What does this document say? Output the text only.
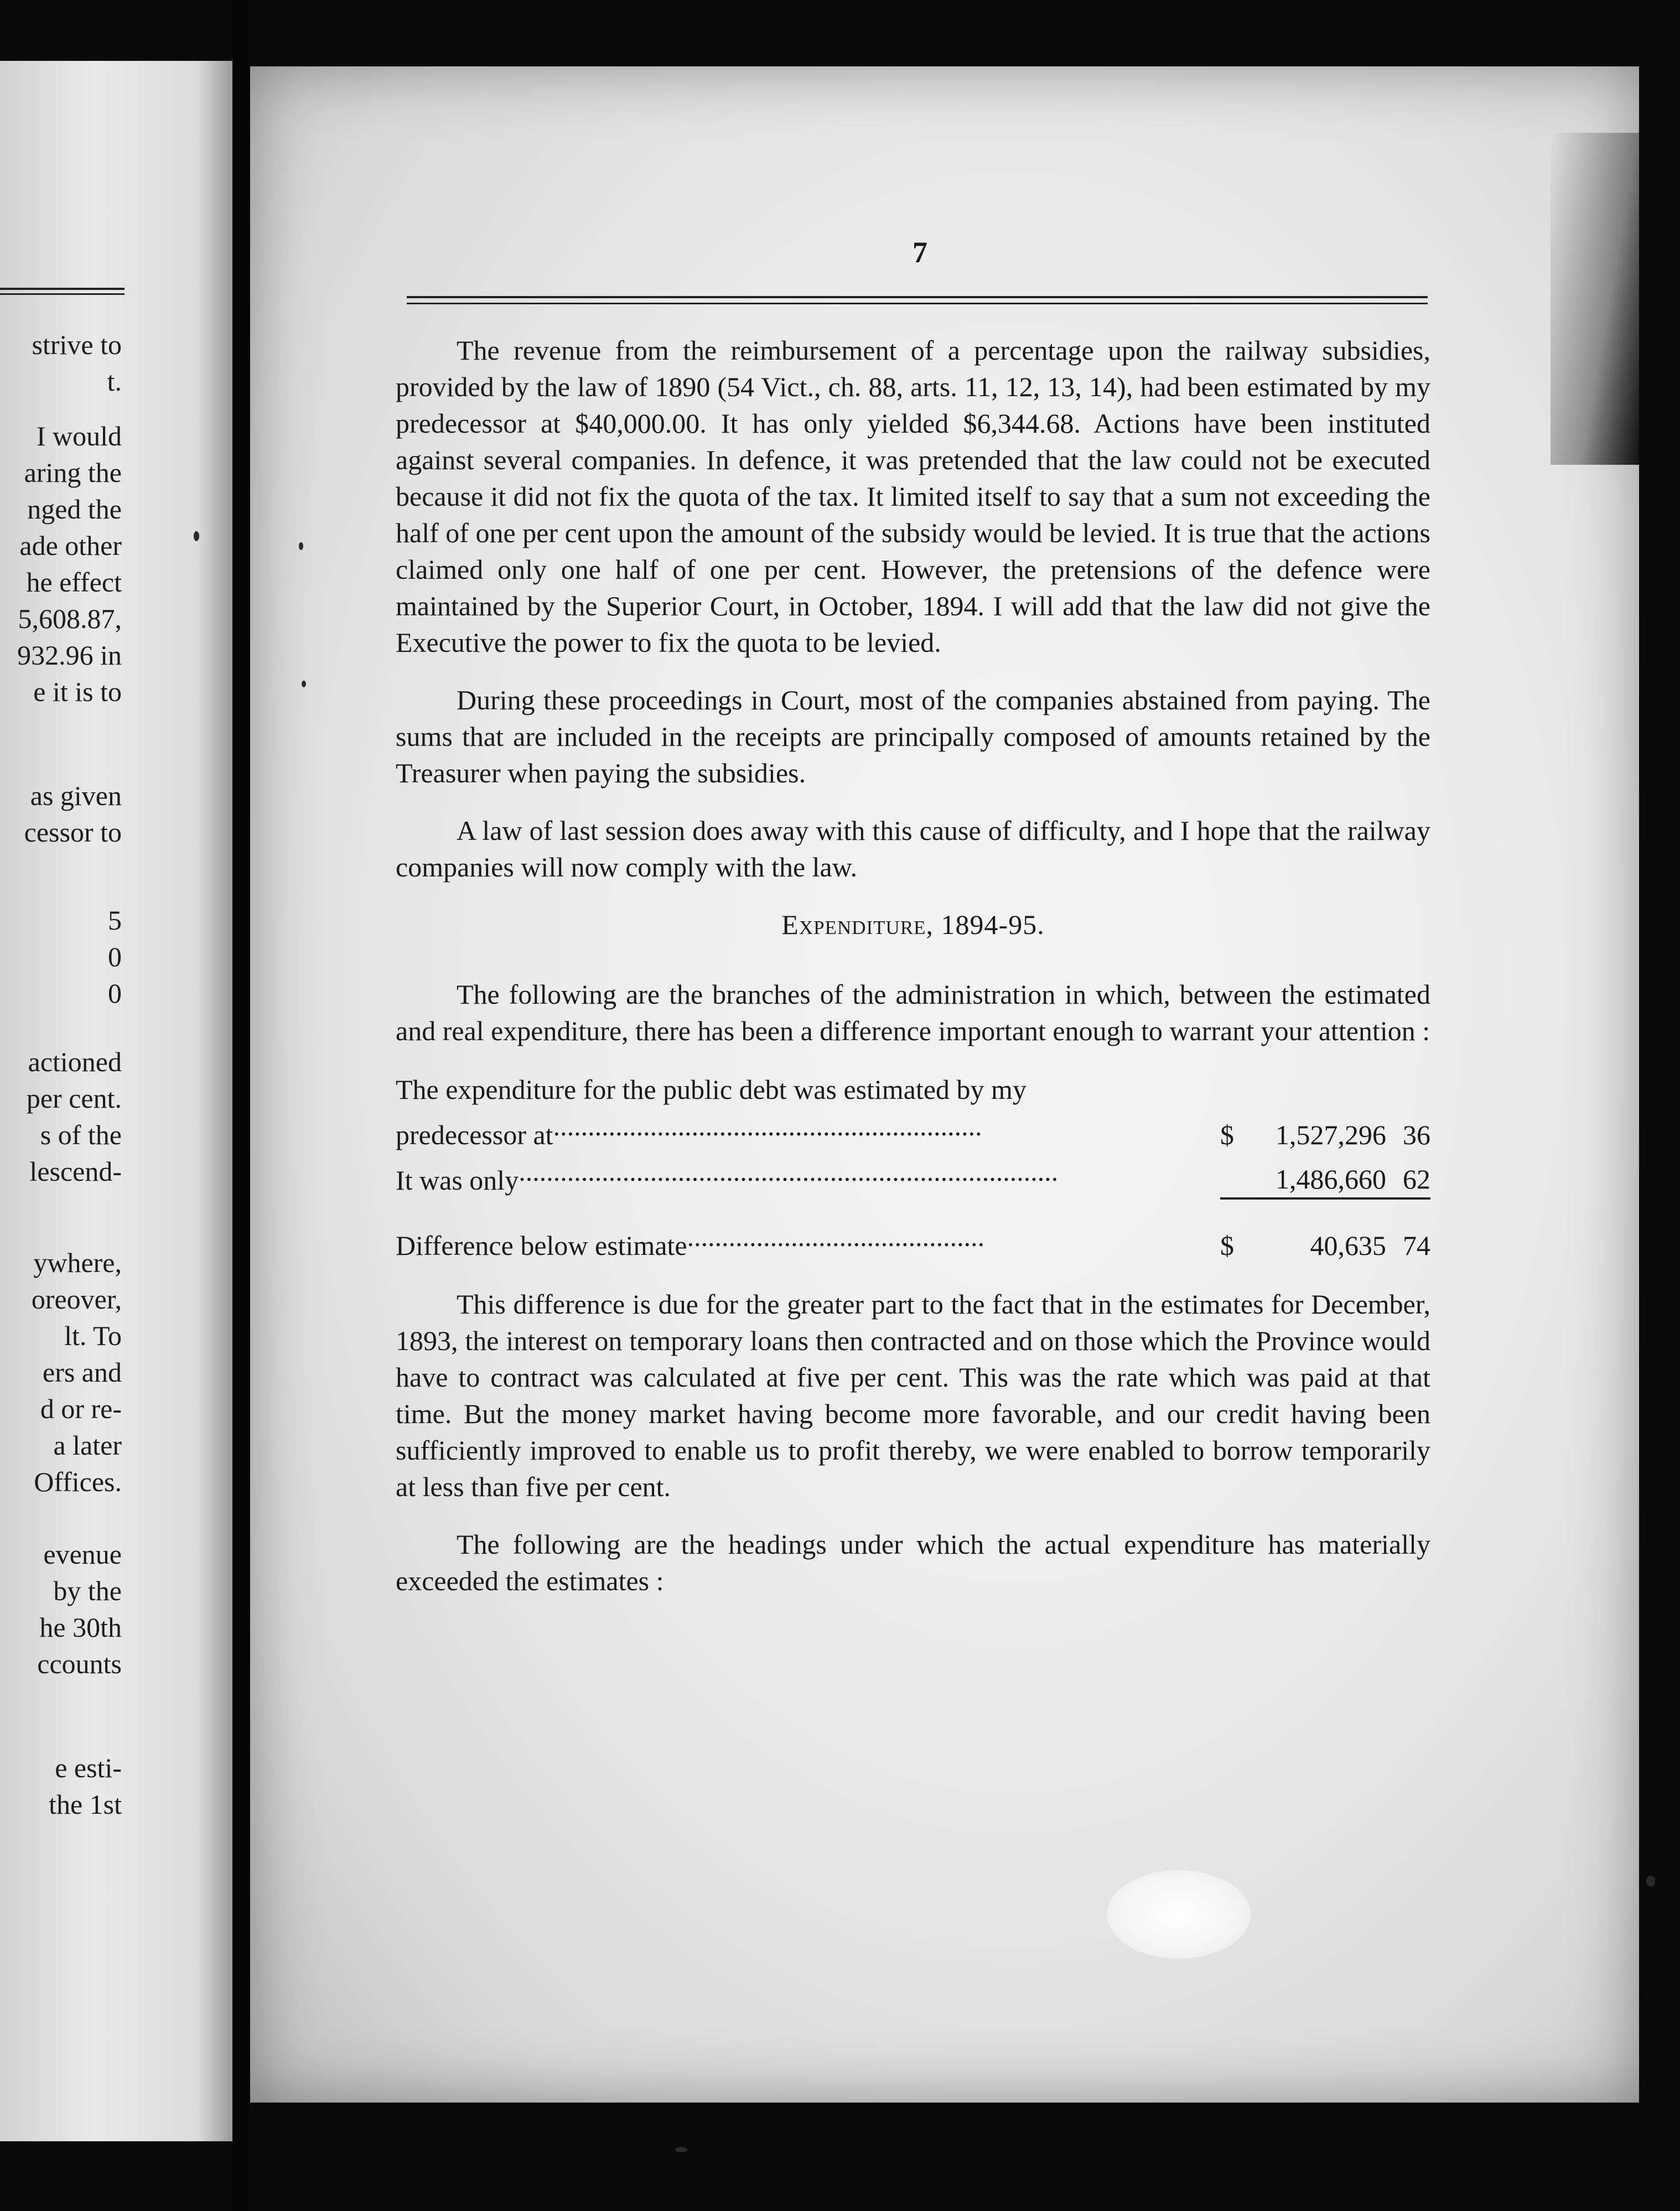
strive to
t.
I would
aring the
nged the
ade other
he effect
5,608.87,
932.96 in
e it is to
as given
cessor to
5
0
0
actioned
per cent.
s of the
lescend-
ywhere,
oreover,
lt. To
ers and
d or re-
a later
Offices.
evenue
by the
he 30th
ccounts
e esti-
the 1st
7

The revenue from the reimbursement of a percentage upon the railway subsidies, provided by the law of 1890 (54 Vict., ch. 88, arts. 11, 12, 13, 14), had been estimated by my predecessor at $40,000.00. It has only yielded $6,344.68. Actions have been instituted against several companies. In defence, it was pretended that the law could not be executed because it did not fix the quota of the tax. It limited itself to say that a sum not exceeding the half of one per cent upon the amount of the subsidy would be levied. It is true that the actions claimed only one half of one per cent. However, the pretensions of the defence were maintained by the Superior Court, in October, 1894. I will add that the law did not give the Executive the power to fix the quota to be levied.

During these proceedings in Court, most of the companies abstained from paying. The sums that are included in the receipts are principally composed of amounts retained by the Treasurer when paying the subsidies.

A law of last session does away with this cause of difficulty, and I hope that the railway companies will now comply with the law.

Expenditure, 1894-95.

The following are the branches of the administration in which, between the estimated and real expenditure, there has been a difference important enough to warrant your attention :

The expenditure for the public debt was estimated by my			
predecessor at..............................................................	$	1,527,296	36
It was only..............................................................................		1,486,660	62
Difference below estimate...........................................	$	40,635	74

This difference is due for the greater part to the fact that in the estimates for December, 1893, the interest on temporary loans then contracted and on those which the Province would have to contract was calculated at five per cent. This was the rate which was paid at that time. But the money market having become more favorable, and our credit having been sufficiently improved to enable us to profit thereby, we were enabled to borrow temporarily at less than five per cent.

The following are the headings under which the actual expenditure has materially exceeded the estimates :
